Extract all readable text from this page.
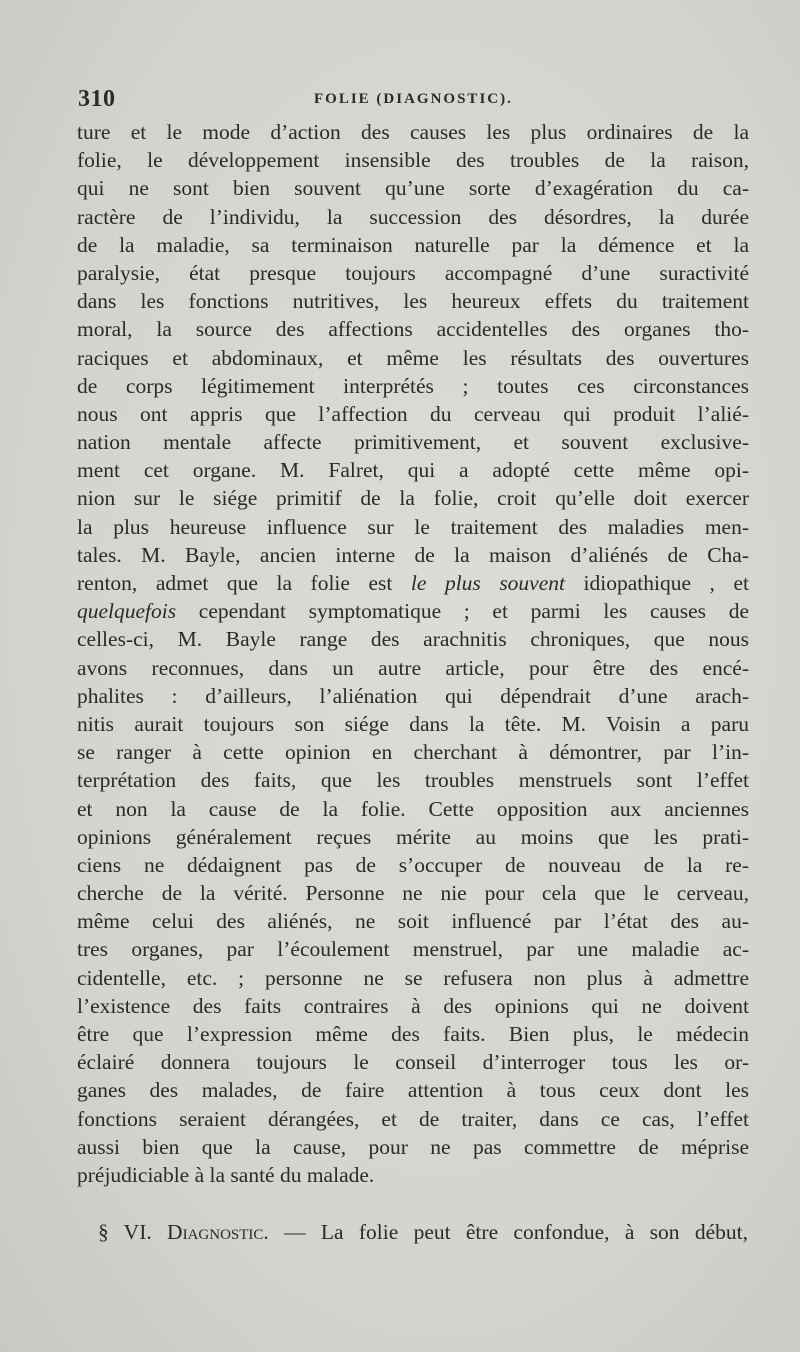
310	FOLIE (DIAGNOSTIC).
ture et le mode d’action des causes les plus ordinaires de la
folie, le développement insensible des troubles de la raison,
qui ne sont bien souvent qu’une sorte d’exagération du ca-
ractère de l’individu, la succession des désordres, la durée
de la maladie, sa terminaison naturelle par la démence et la
paralysie, état presque toujours accompagné d’une suractivité
dans les fonctions nutritives, les heureux effets du traitement
moral, la source des affections accidentelles des organes tho-
raciques et abdominaux, et même les résultats des ouvertures
de corps légitimement interprétés ; toutes ces circonstances
nous ont appris que l’affection du cerveau qui produit l’alié-
nation mentale affecte primitivement, et souvent exclusive-
ment cet organe. M. Falret, qui a adopté cette même opi-
nion sur le siége primitif de la folie, croit qu’elle doit exercer
la plus heureuse influence sur le traitement des maladies men-
tales. M. Bayle, ancien interne de la maison d’aliénés de Cha-
renton, admet que la folie est le plus souvent idiopathique , et
quelquefois cependant symptomatique ; et parmi les causes de
celles-ci, M. Bayle range des arachnitis chroniques, que nous
avons reconnues, dans un autre article, pour être des encé-
phalites : d’ailleurs, l’aliénation qui dépendrait d’une arach-
nitis aurait toujours son siége dans la tête. M. Voisin a paru
se ranger à cette opinion en cherchant à démontrer, par l’in-
terprétation des faits, que les troubles menstruels sont l’effet
et non la cause de la folie. Cette opposition aux anciennes
opinions généralement reçues mérite au moins que les prati-
ciens ne dédaignent pas de s’occuper de nouveau de la re-
cherche de la vérité. Personne ne nie pour cela que le cerveau,
même celui des aliénés, ne soit influencé par l’état des au-
tres organes, par l’écoulement menstruel, par une maladie ac-
cidentelle, etc. ; personne ne se refusera non plus à admettre
l’existence des faits contraires à des opinions qui ne doivent
être que l’expression même des faits. Bien plus, le médecin
éclairé donnera toujours le conseil d’interroger tous les or-
ganes des malades, de faire attention à tous ceux dont les
fonctions seraient dérangées, et de traiter, dans ce cas, l’effet
aussi bien que la cause, pour ne pas commettre de méprise
préjudiciable à la santé du malade.
§ VI. Diagnostic. — La folie peut être confondue, à son début,
